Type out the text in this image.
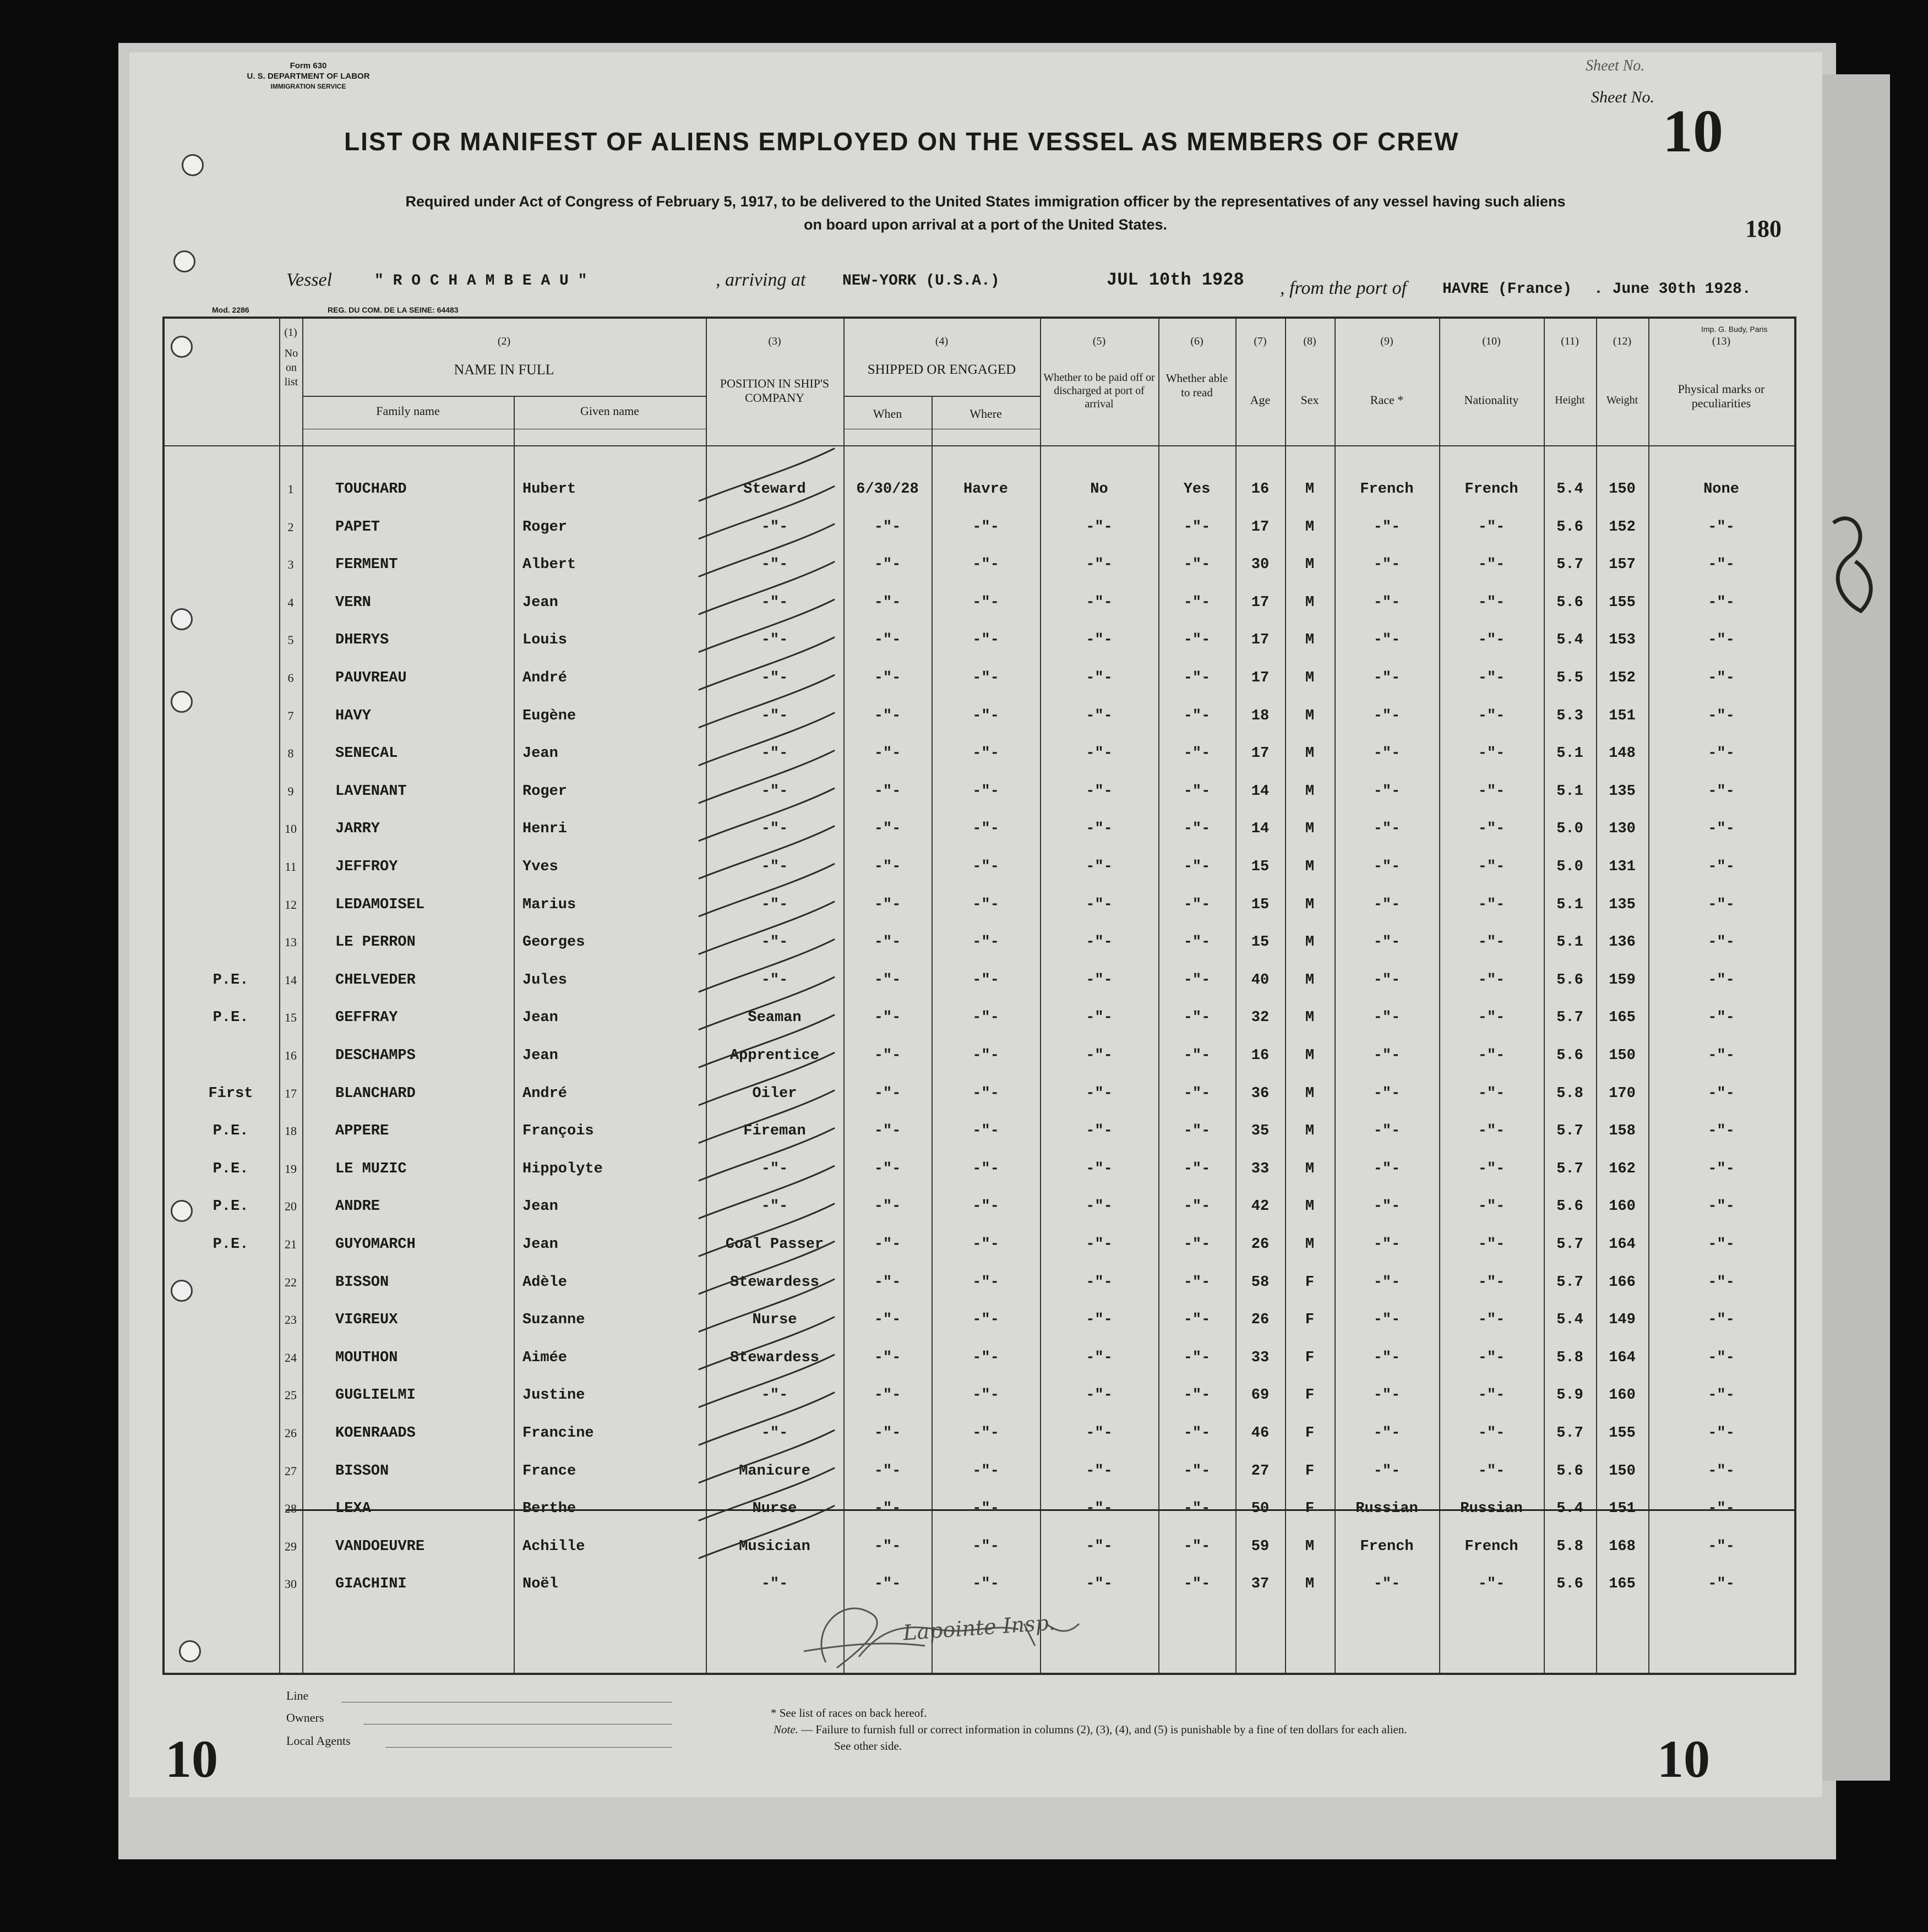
Form 630
U. S. DEPARTMENT OF LABOR
IMMIGRATION SERVICE
Sheet No.
Sheet No.
10
180
LIST OR MANIFEST OF ALIENS EMPLOYED ON THE VESSEL AS MEMBERS OF CREW
Required under Act of Congress of February 5, 1917, to be delivered to the United States immigration officer by the representatives of any vessel having such aliens
on board upon arrival at a port of the United States.
Vessel	" R O C H A M B E A U "	, arriving at NEW-YORK (U.S.A.)	JUL 10th 1928 , from the port of HAVRE (France) . June 30th 1928.
Mod. 2286	REG. DU COM. DE LA SEINE: 64483
Imp. G. Budy, Paris
(1)
No on list
(2)
NAME IN FULL
Family name	Given name
(3)
POSITION IN SHIP'S COMPANY
(4)
SHIPPED OR ENGAGED
When	Where
(5)
Whether to be paid off or discharged at port of arrival
(6)
Whether able to read
(7)
Age
(8)
Sex
(9)
Race *
(10)
Nationality
(11)
Height
(12)
Weight
(13)
Physical marks or peculiarities
1	TOUCHARD	Hubert	Steward	6/30/28	Havre	No	Yes	16	M	French	French	5.4	150	None
2	PAPET	Roger	-"-	-"-	-"-	-"-	-"-	17	M	-"-	-"-	5.6	152	-"-
3	FERMENT	Albert	-"-	-"-	-"-	-"-	-"-	30	M	-"-	-"-	5.7	157	-"-
4	VERN	Jean	-"-	-"-	-"-	-"-	-"-	17	M	-"-	-"-	5.6	155	-"-
5	DHERYS	Louis	-"-	-"-	-"-	-"-	-"-	17	M	-"-	-"-	5.4	153	-"-
6	PAUVREAU	André	-"-	-"-	-"-	-"-	-"-	17	M	-"-	-"-	5.5	152	-"-
7	HAVY	Eugène	-"-	-"-	-"-	-"-	-"-	18	M	-"-	-"-	5.3	151	-"-
8	SENECAL	Jean	-"-	-"-	-"-	-"-	-"-	17	M	-"-	-"-	5.1	148	-"-
9	LAVENANT	Roger	-"-	-"-	-"-	-"-	-"-	14	M	-"-	-"-	5.1	135	-"-
10	JARRY	Henri	-"-	-"-	-"-	-"-	-"-	14	M	-"-	-"-	5.0	130	-"-
11	JEFFROY	Yves	-"-	-"-	-"-	-"-	-"-	15	M	-"-	-"-	5.0	131	-"-
12	LEDAMOISEL	Marius	-"-	-"-	-"-	-"-	-"-	15	M	-"-	-"-	5.1	135	-"-
13	LE PERRON	Georges	-"-	-"-	-"-	-"-	-"-	15	M	-"-	-"-	5.1	136	-"-
P.E.	14	CHELVEDER	Jules	-"-	-"-	-"-	-"-	-"-	40	M	-"-	-"-	5.6	159	-"-
P.E.	15	GEFFRAY	Jean	Seaman	-"-	-"-	-"-	-"-	32	M	-"-	-"-	5.7	165	-"-
16	DESCHAMPS	Jean	Apprentice	-"-	-"-	-"-	-"-	16	M	-"-	-"-	5.6	150	-"-
First	17	BLANCHARD	André	Oiler	-"-	-"-	-"-	-"-	36	M	-"-	-"-	5.8	170	-"-
P.E.	18	APPERE	François	Fireman	-"-	-"-	-"-	-"-	35	M	-"-	-"-	5.7	158	-"-
P.E.	19	LE MUZIC	Hippolyte	-"-	-"-	-"-	-"-	-"-	33	M	-"-	-"-	5.7	162	-"-
P.E.	20	ANDRE	Jean	-"-	-"-	-"-	-"-	-"-	42	M	-"-	-"-	5.6	160	-"-
P.E.	21	GUYOMARCH	Jean	Coal Passer	-"-	-"-	-"-	-"-	26	M	-"-	-"-	5.7	164	-"-
22	BISSON	Adèle	Stewardess	-"-	-"-	-"-	-"-	58	F	-"-	-"-	5.7	166	-"-
23	VIGREUX	Suzanne	Nurse	-"-	-"-	-"-	-"-	26	F	-"-	-"-	5.4	149	-"-
24	MOUTHON	Aimée	Stewardess	-"-	-"-	-"-	-"-	33	F	-"-	-"-	5.8	164	-"-
25	GUGLIELMI	Justine	-"-	-"-	-"-	-"-	-"-	69	F	-"-	-"-	5.9	160	-"-
26	KOENRAADS	Francine	-"-	-"-	-"-	-"-	-"-	46	F	-"-	-"-	5.7	155	-"-
27	BISSON	France	Manicure	-"-	-"-	-"-	-"-	27	F	-"-	-"-	5.6	150	-"-
28	LEXA	Berthe	Nurse	-"-	-"-	-"-	-"-	50	F	Russian	Russian	5.4	151	-"-
29	VANDOEUVRE	Achille	Musician	-"-	-"-	-"-	-"-	59	M	French	French	5.8	168	-"-
30	GIACHINI	Noël	-"-	-"-	-"-	-"-	-"-	37	M	-"-	-"-	5.6	165	-"-
Lapointe Insp.
Line
Owners
Local Agents
* See list of races on back hereof.
Note. — Failure to furnish full or correct information in columns (2), (3), (4), and (5) is punishable by a fine of ten dollars for each alien.
See other side.
10	10
